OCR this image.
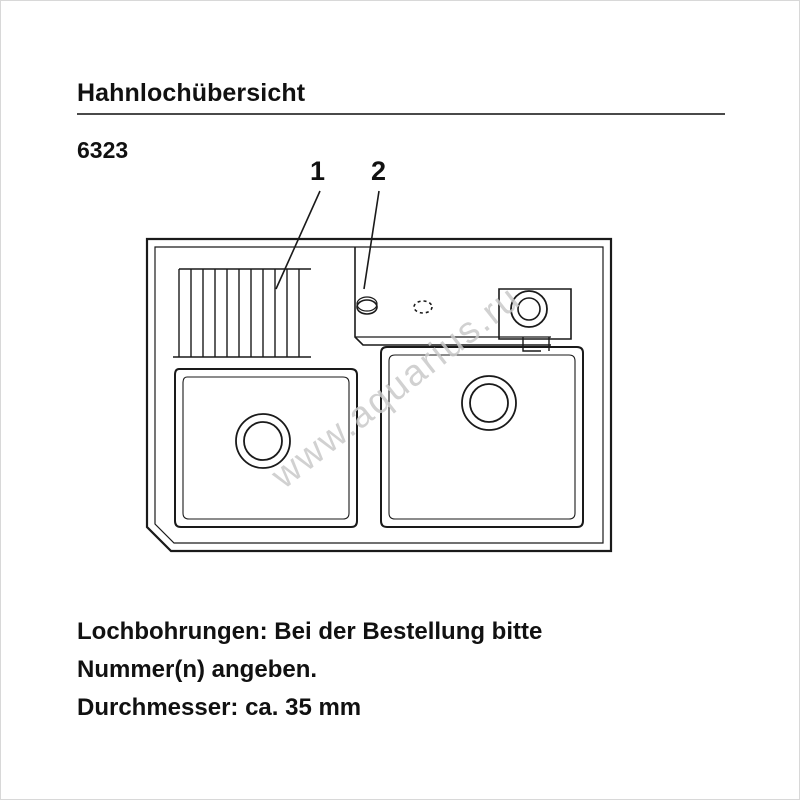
Hahnlochübersicht
6323
1 2
www.aquarius.ru
Lochbohrungen: Bei der Bestellung bitte
Nummer(n) angeben.
Durchmesser: ca. 35 mm
